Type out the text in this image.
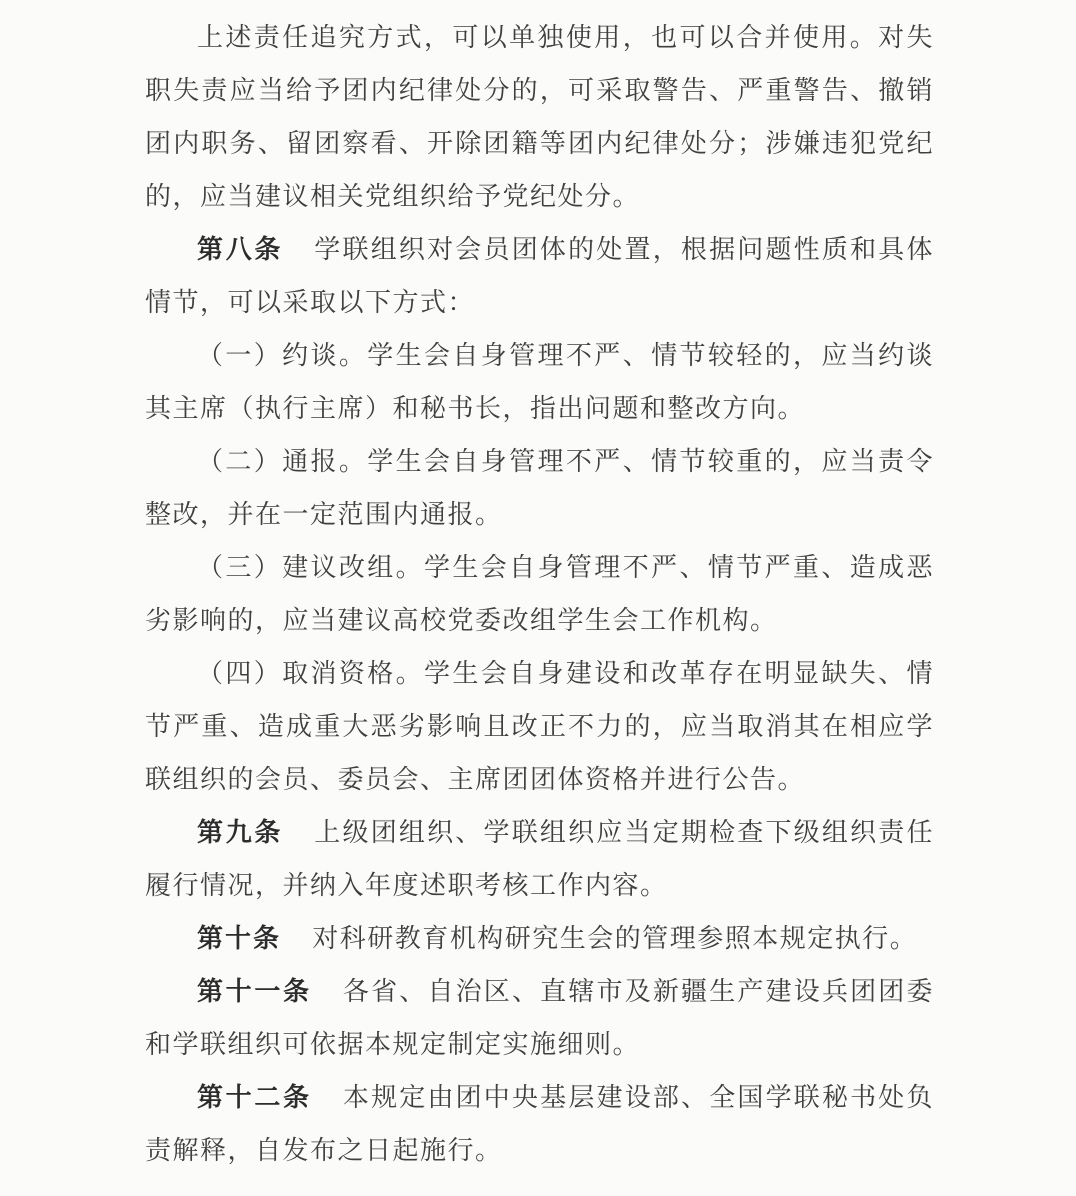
上述责任追究方式，可以单独使用，也可以合并使用。对失职失责应当给予团内纪律处分的，可采取警告、严重警告、撤销团内职务、留团察看、开除团籍等团内纪律处分；涉嫌违犯党纪的，应当建议相关党组织给予党纪处分。

第八条 学联组织对会员团体的处置，根据问题性质和具体情节，可以采取以下方式：

（一）约谈。学生会自身管理不严、情节较轻的，应当约谈其主席（执行主席）和秘书长，指出问题和整改方向。

（二）通报。学生会自身管理不严、情节较重的，应当责令整改，并在一定范围内通报。

（三）建议改组。学生会自身管理不严、情节严重、造成恶劣影响的，应当建议高校党委改组学生会工作机构。

（四）取消资格。学生会自身建设和改革存在明显缺失、情节严重、造成重大恶劣影响且改正不力的，应当取消其在相应学联组织的会员、委员会、主席团团体资格并进行公告。

第九条 上级团组织、学联组织应当定期检查下级组织责任履行情况，并纳入年度述职考核工作内容。

第十条 对科研教育机构研究生会的管理参照本规定执行。

第十一条 各省、自治区、直辖市及新疆生产建设兵团团委和学联组织可依据本规定制定实施细则。

第十二条 本规定由团中央基层建设部、全国学联秘书处负责解释，自发布之日起施行。
